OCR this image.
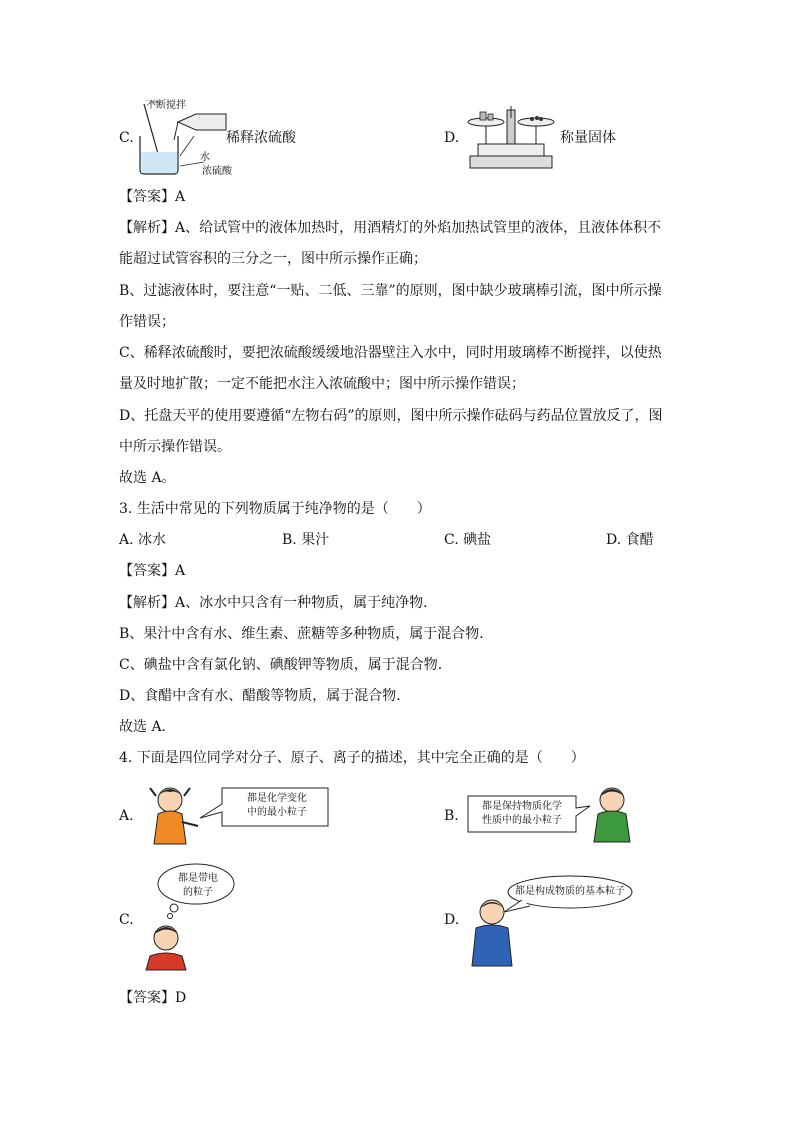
C.
不断搅拌
水
浓硫酸
稀释浓硫酸	D.	称量固体
【答案】A
【解析】A、给试管中的液体加热时，用酒精灯的外焰加热试管里的液体，且液体体积不
能超过试管容积的三分之一，图中所示操作正确；
B、过滤液体时，要注意“一贴、二低、三靠”的原则，图中缺少玻璃棒引流，图中所示操
作错误；
C、稀释浓硫酸时，要把浓硫酸缓缓地沿器壁注入水中，同时用玻璃棒不断搅拌，以使热
量及时地扩散；一定不能把水注入浓硫酸中；图中所示操作错误；
D、托盘天平的使用要遵循“左物右码”的原则，图中所示操作砝码与药品位置放反了，图
中所示操作错误。
故选 A。
3. 生活中常见的下列物质属于纯净物的是（　　）
A. 冰水	B. 果汁	C. 碘盐	D. 食醋
【答案】A
【解析】A、冰水中只含有一种物质，属于纯净物．
B、果汁中含有水、维生素、蔗糖等多种物质，属于混合物．
C、碘盐中含有氯化钠、碘酸钾等物质，属于混合物．
D、食醋中含有水、醋酸等物质，属于混合物．
故选 A．
4. 下面是四位同学对分子、原子、离子的描述，其中完全正确的是（　　）
A.
都是化学变化
中的最小粒子	B.
都是保持物质化学
性质中的最小粒子
都是带电
的粒子
C.	D.
都是构成物质的基本粒子
【答案】D
